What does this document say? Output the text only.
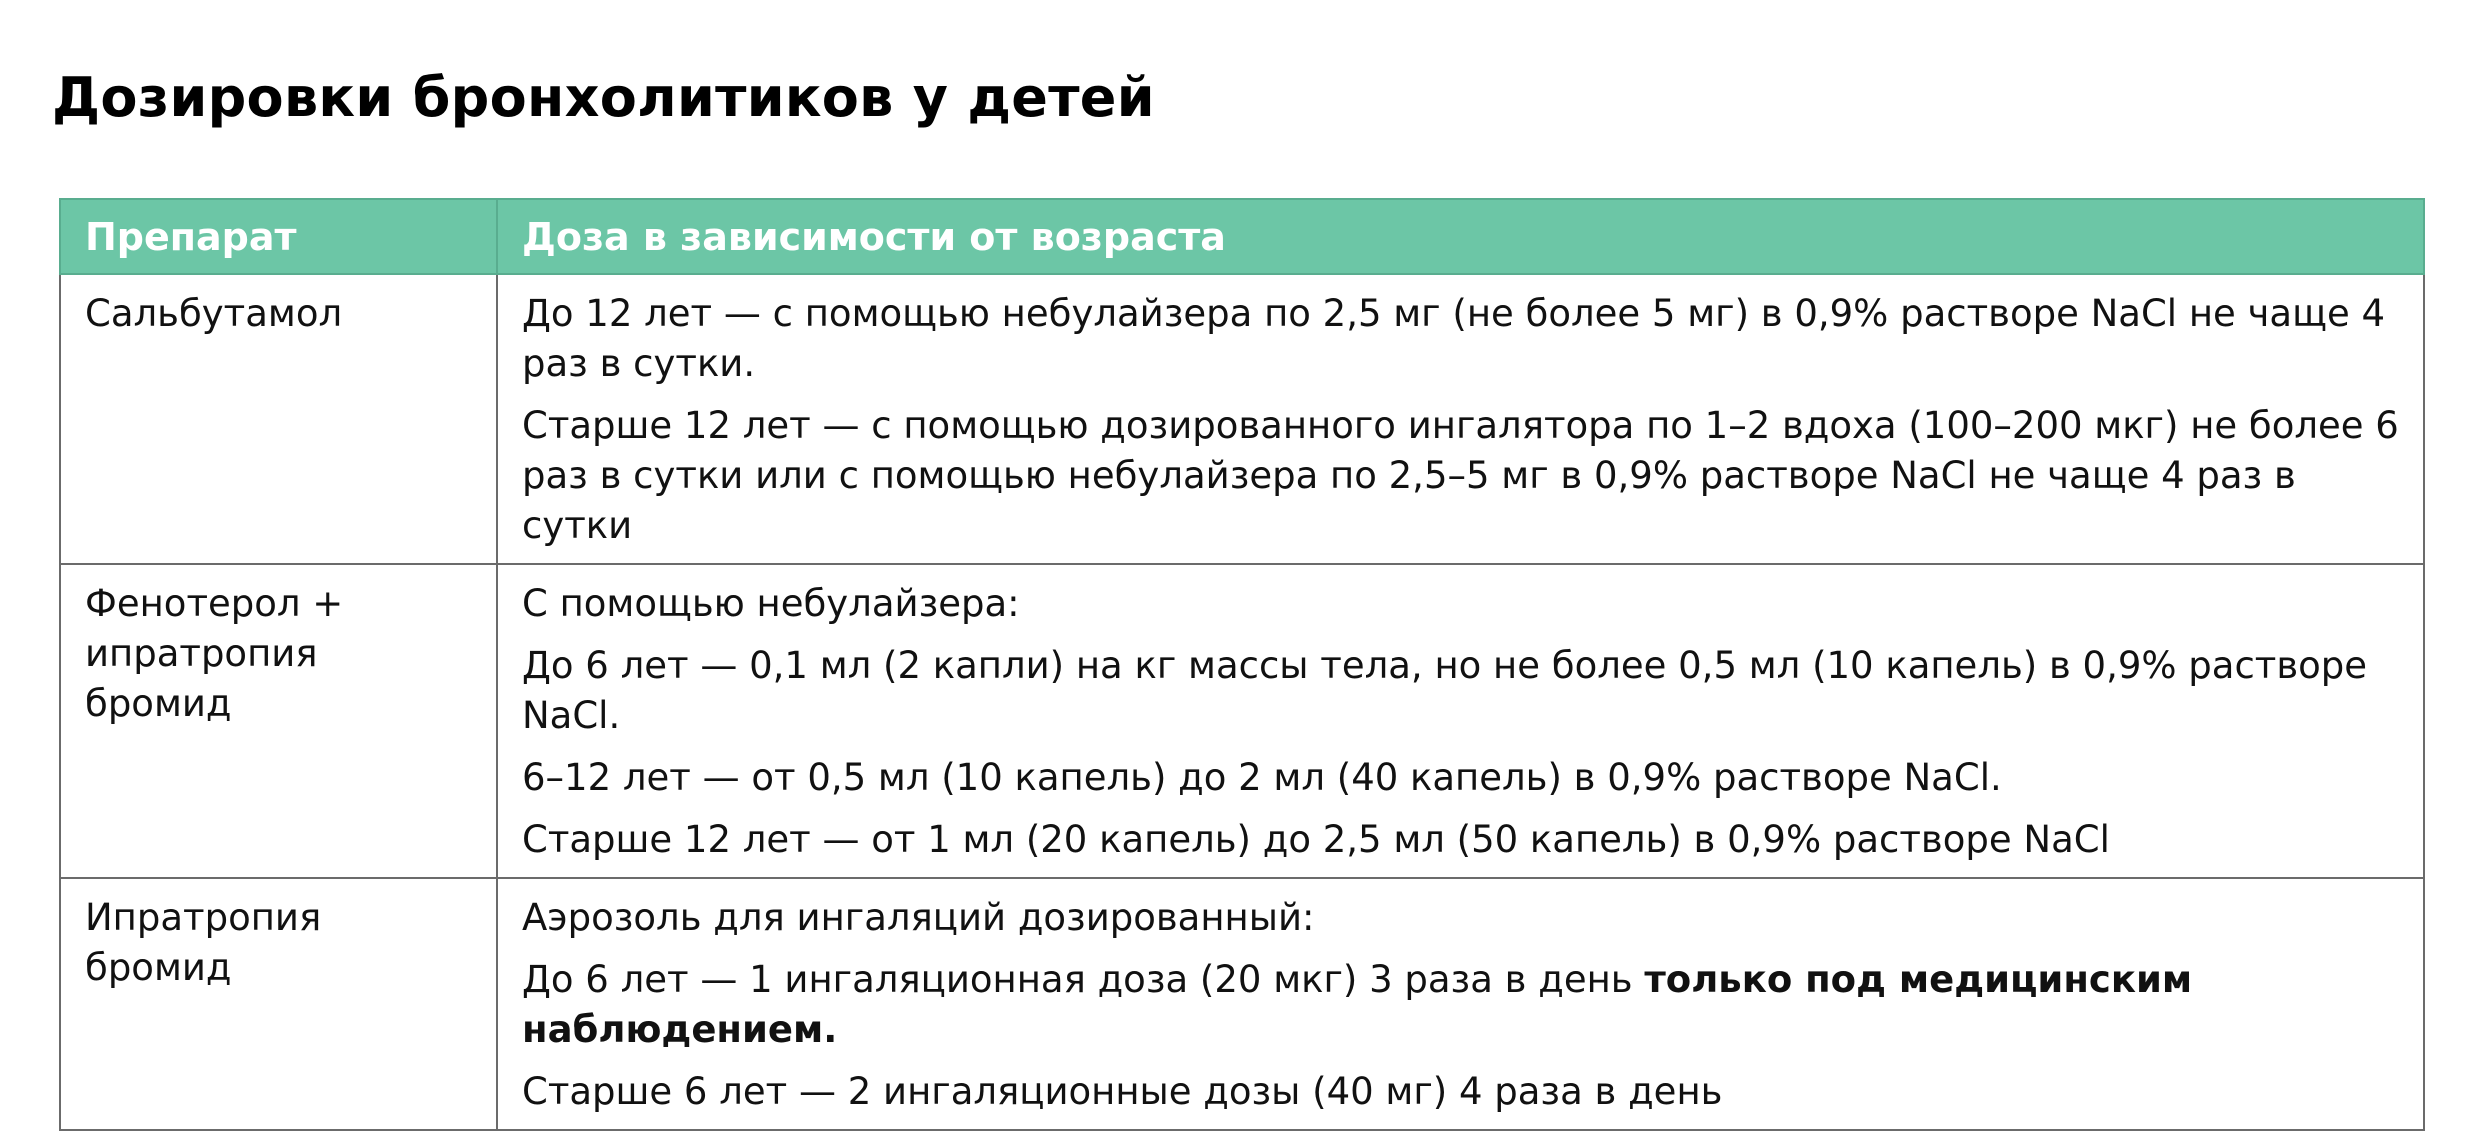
Дозировки бронхолитиков у детей
Препарат	Доза в зависимости от возраста
Сальбутамол	До 12 лет — с помощью небулайзера по 2,5 мг (не более 5 мг) в 0,9% растворе NaCl не чаще 4 раз в сутки.

Старше 12 лет — с помощью дозированного ингалятора по 1–2 вдоха (100–200 мкг) не более 6 раз в сутки или с помощью небулайзера по 2,5–5 мг в 0,9% растворе NaCl не чаще 4 раз в сутки

Фенотерол + ипратропия бромид	С помощью небулайзера:

До 6 лет — 0,1 мл (2 капли) на кг массы тела, но не более 0,5 мл (10 капель) в 0,9% растворе NaCl.

6–12 лет — от 0,5 мл (10 капель) до 2 мл (40 капель) в 0,9% растворе NaCl.

Старше 12 лет — от 1 мл (20 капель) до 2,5 мл (50 капель) в 0,9% растворе NaCl

Ипратропия бромид	Аэрозоль для ингаляций дозированный:

До 6 лет — 1 ингаляционная доза (20 мкг) 3 раза в день только под медицинским наблюдением.

Старше 6 лет — 2 ингаляционные дозы (40 мг) 4 раза в день
